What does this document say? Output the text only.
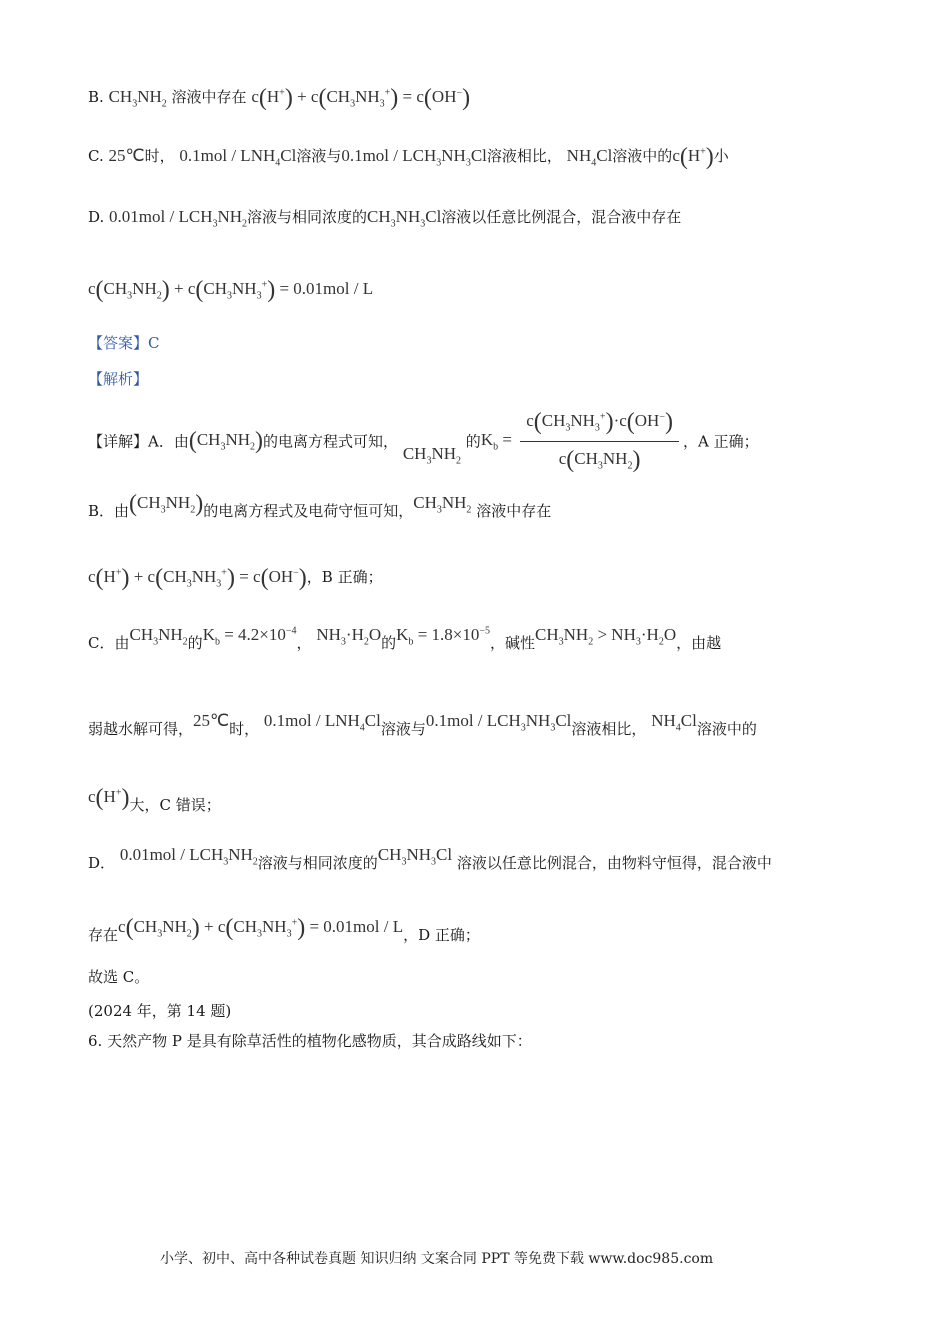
B. $CH_3NH_2$ 溶液中存在 $c(H^+) + c(CH_3NH_3^+) = c(OH^-)$
C. 25℃时， $0.1mol / LNH_4Cl$溶液与$0.1mol / LCH_3NH_3Cl$溶液相比， $NH_4Cl$溶液中的c(H+)小
D. $0.01mol / LCH_3NH_2$溶液与相同浓度的$CH_3NH_3Cl$溶液以任意比例混合，混合液中存在
$c(CH_3NH_2) + c(CH_3NH_3^+) = 0.01mol / L$
【答案】C
【解析】
【详解】A．由$(CH_3NH_2)$的电离方程式可知， $CH_3NH_2$ 的$K_b = \frac{c(CH_3NH_3^+)\cdot c(OH^-)}{c(CH_3NH_2)}$ ，A 正确；
B．由$(CH_3NH_2)$的电离方程式及电荷守恒可知，$CH_3NH_2$ 溶液中存在
$c(H^+) + c(CH_3NH_3^+) = c(OH^-)$，B 正确；
C．由$CH_3NH_2$的$K_b = 4.2\times 10^{-4}$， $NH_3\cdot H_2O$的$K_b = 1.8\times 10^{-5}$，碱性$CH_3NH_2 > NH_3\cdot H_2O$，由越
弱越水解可得，25℃时， $0.1mol / LNH_4Cl$溶液与$0.1mol / LCH_3NH_3Cl$溶液相比， $NH_4Cl$溶液中的
c(H+)大，C 错误；
D． $0.01mol / LCH_3NH_2$溶液与相同浓度的$CH_3NH_3Cl$ 溶液以任意比例混合，由物料守恒得，混合液中
存在$c(CH_3NH_2) + c(CH_3NH_3^+) = 0.01mol / L$，D 正确；
故选 C。
(2024 年，第 14 题)
6. 天然产物 P 是具有除草活性的植物化感物质，其合成路线如下：
小学、初中、高中各种试卷真题 知识归纳 文案合同 PPT 等免费下载 www.doc985.com
